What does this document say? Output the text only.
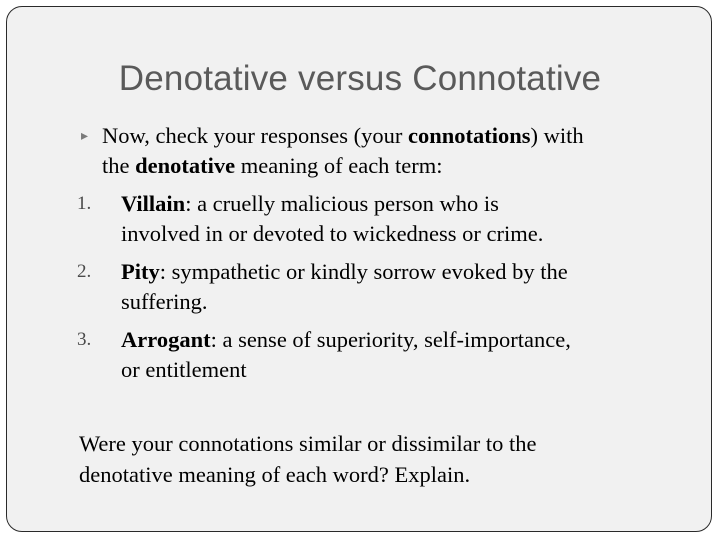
Denotative versus Connotative
▸ Now, check your responses (your connotations) with
the denotative meaning of each term:
1. Villain: a cruelly malicious person who is
involved in or devoted to wickedness or crime.
2. Pity: sympathetic or kindly sorrow evoked by the
suffering.
3. Arrogant: a sense of superiority, self-importance,
or entitlement
Were your connotations similar or dissimilar to the
denotative meaning of each word? Explain.
